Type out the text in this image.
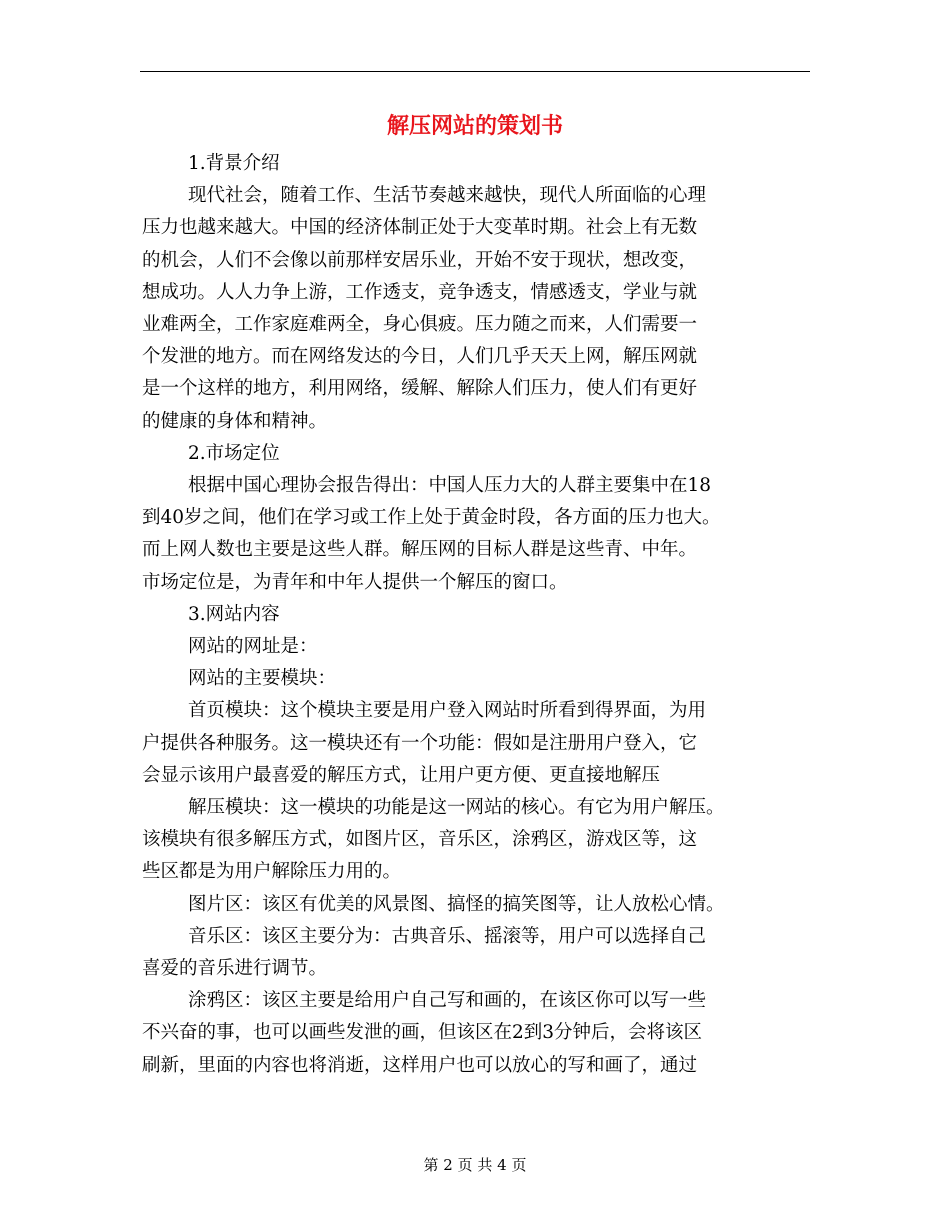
解压网站的策划书
1.背景介绍
现代社会，随着工作、生活节奏越来越快，现代人所面临的心理
压力也越来越大。中国的经济体制正处于大变革时期。社会上有无数
的机会，人们不会像以前那样安居乐业，开始不安于现状，想改变，
想成功。人人力争上游，工作透支，竞争透支，情感透支，学业与就
业难两全，工作家庭难两全，身心俱疲。压力随之而来，人们需要一
个发泄的地方。而在网络发达的今日，人们几乎天天上网，解压网就
是一个这样的地方，利用网络，缓解、解除人们压力，使人们有更好
的健康的身体和精神。
2.市场定位
根据中国心理协会报告得出：中国人压力大的人群主要集中在18
到40岁之间，他们在学习或工作上处于黄金时段，各方面的压力也大。
而上网人数也主要是这些人群。解压网的目标人群是这些青、中年。
市场定位是，为青年和中年人提供一个解压的窗口。
3.网站内容
网站的网址是：
网站的主要模块：
首页模块：这个模块主要是用户登入网站时所看到得界面，为用
户提供各种服务。这一模块还有一个功能：假如是注册用户登入，它
会显示该用户最喜爱的解压方式，让用户更方便、更直接地解压
解压模块：这一模块的功能是这一网站的核心。有它为用户解压。
该模块有很多解压方式，如图片区，音乐区，涂鸦区，游戏区等，这
些区都是为用户解除压力用的。
图片区：该区有优美的风景图、搞怪的搞笑图等，让人放松心情。
音乐区：该区主要分为：古典音乐、摇滚等，用户可以选择自己
喜爱的音乐进行调节。
涂鸦区：该区主要是给用户自己写和画的，在该区你可以写一些
不兴奋的事，也可以画些发泄的画，但该区在2到3分钟后，会将该区
刷新，里面的内容也将消逝，这样用户也可以放心的写和画了，通过
第 2 页 共 4 页
